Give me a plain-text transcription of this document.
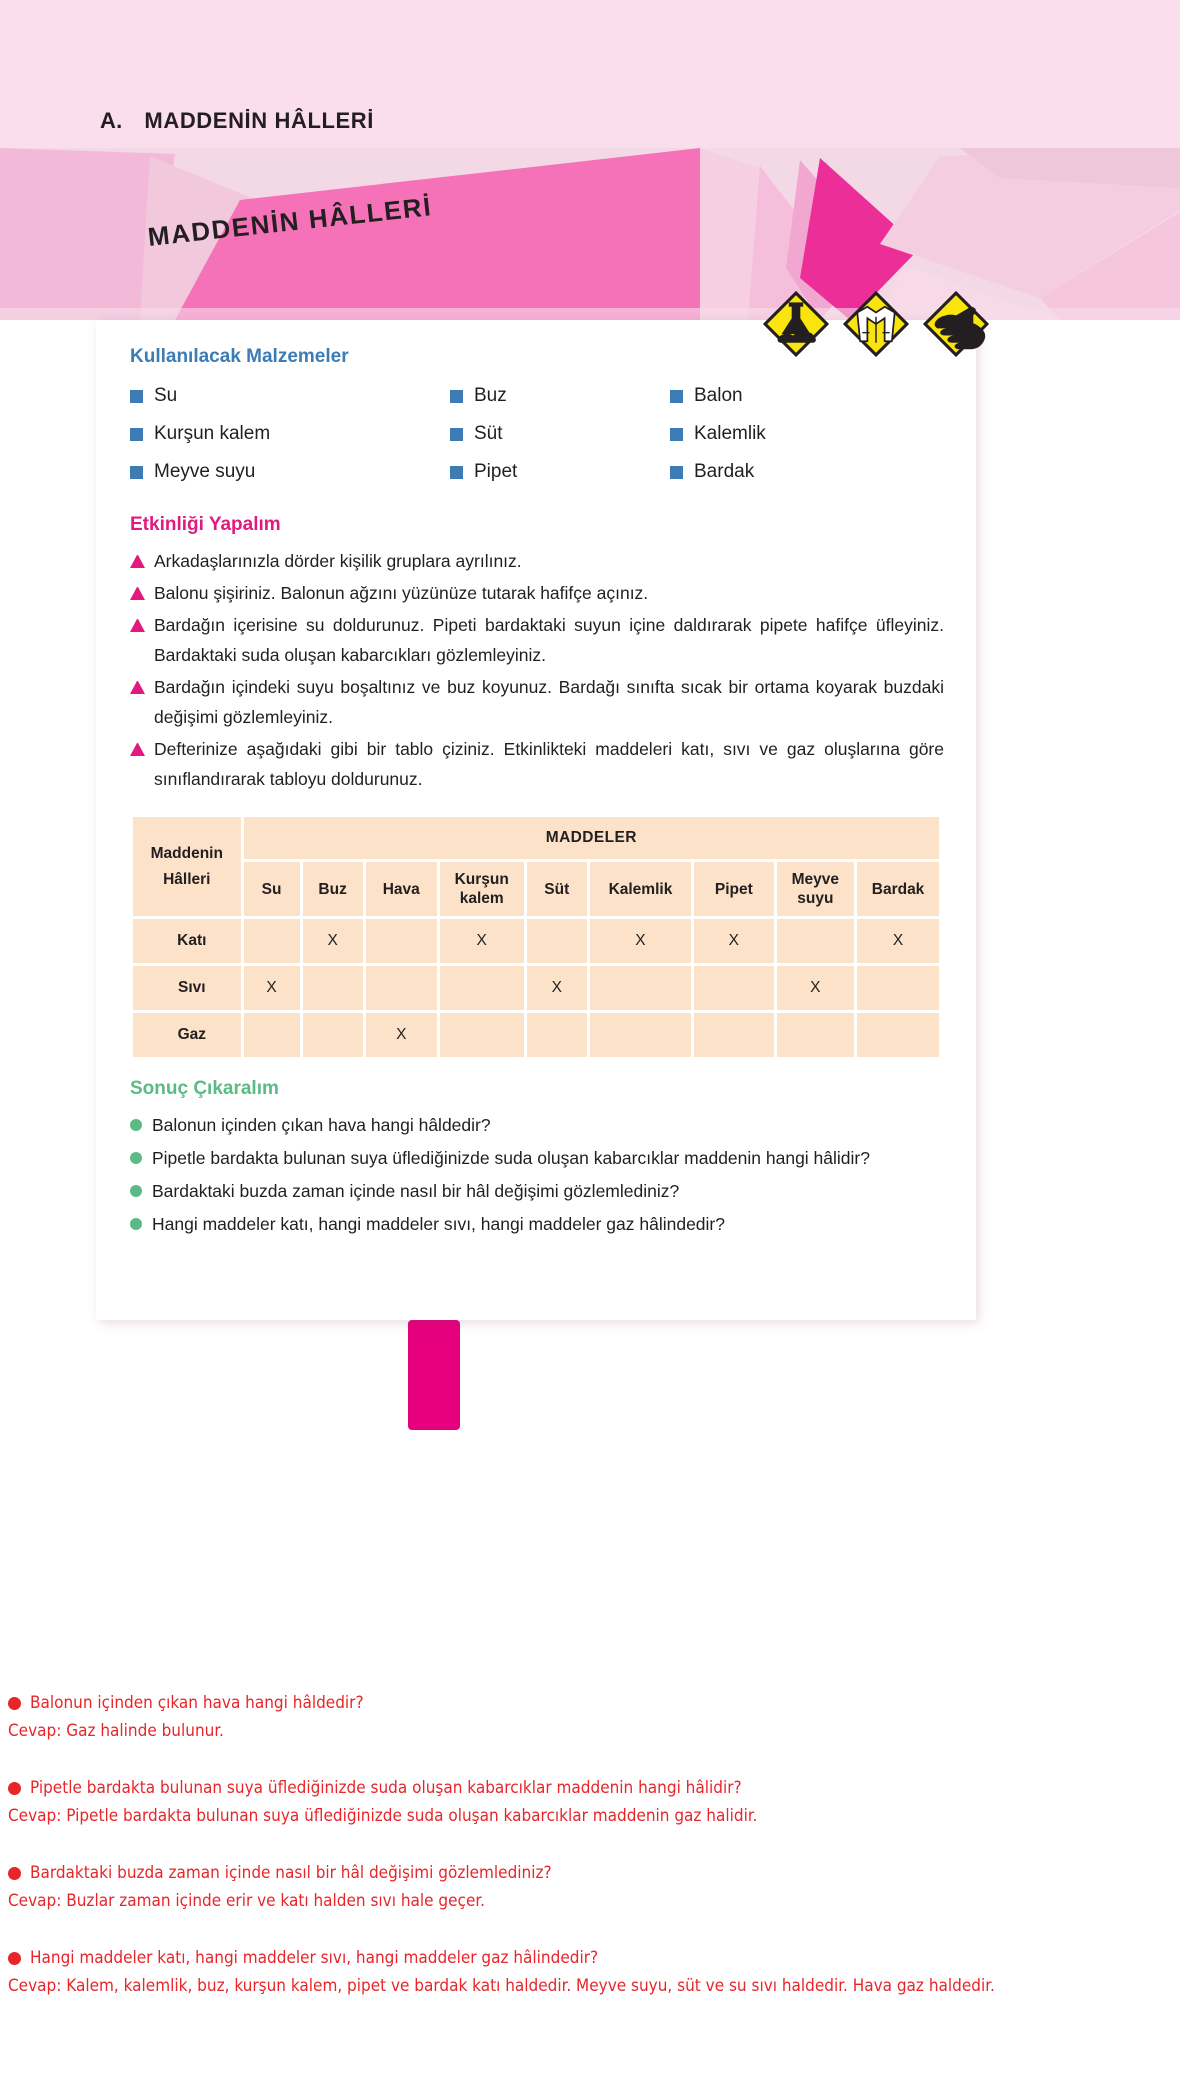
A. MADDENİN HÂLLERİ
MADDENİN HÂLLERİ
Kullanılacak Malzemeler
Su	Buz	Balon
Kurşun kalem	Süt	Kalemlik
Meyve suyu	Pipet	Bardak
Etkinliği Yapalım
Arkadaşlarınızla dörder kişilik gruplara ayrılınız.
Balonu şişiriniz. Balonun ağzını yüzünüze tutarak hafifçe açınız.
Bardağın içerisine su doldurunuz. Pipeti bardaktaki suyun içine daldırarak pipete hafifçe üfleyiniz. Bardaktaki suda oluşan kabarcıkları gözlemleyiniz.
Bardağın içindeki suyu boşaltınız ve buz koyunuz. Bardağı sınıfta sıcak bir ortama koyarak buzdaki değişimi gözlemleyiniz.
Defterinize aşağıdaki gibi bir tablo çiziniz. Etkinlikteki maddeleri katı, sıvı ve gaz oluşlarına göre sınıflandırarak tabloyu doldurunuz.
Maddenin
Hâlleri	MADDELER								
	Su	Buz	Hava	Kurşun kalem	Süt	Kalemlik	Pipet	Meyve suyu	Bardak
Katı		X		X		X	X		X
Sıvı	X				X			X	
Gaz			X						
Sonuç Çıkaralım
Balonun içinden çıkan hava hangi hâldedir?
Pipetle bardakta bulunan suya üflediğinizde suda oluşan kabarcıklar maddenin hangi hâlidir?
Bardaktaki buzda zaman içinde nasıl bir hâl değişimi gözlemlediniz?
Hangi maddeler katı, hangi maddeler sıvı, hangi maddeler gaz hâlindedir?
Balonun içinden çıkan hava hangi hâldedir?
Cevap: Gaz halinde bulunur.
Pipetle bardakta bulunan suya üflediğinizde suda oluşan kabarcıklar maddenin hangi hâlidir?
Cevap: Pipetle bardakta bulunan suya üflediğinizde suda oluşan kabarcıklar maddenin gaz halidir.
Bardaktaki buzda zaman içinde nasıl bir hâl değişimi gözlemlediniz?
Cevap: Buzlar zaman içinde erir ve katı halden sıvı hale geçer.
Hangi maddeler katı, hangi maddeler sıvı, hangi maddeler gaz hâlindedir?
Cevap: Kalem, kalemlik, buz, kurşun kalem, pipet ve bardak katı haldedir. Meyve suyu, süt ve su sıvı haldedir. Hava gaz haldedir.
